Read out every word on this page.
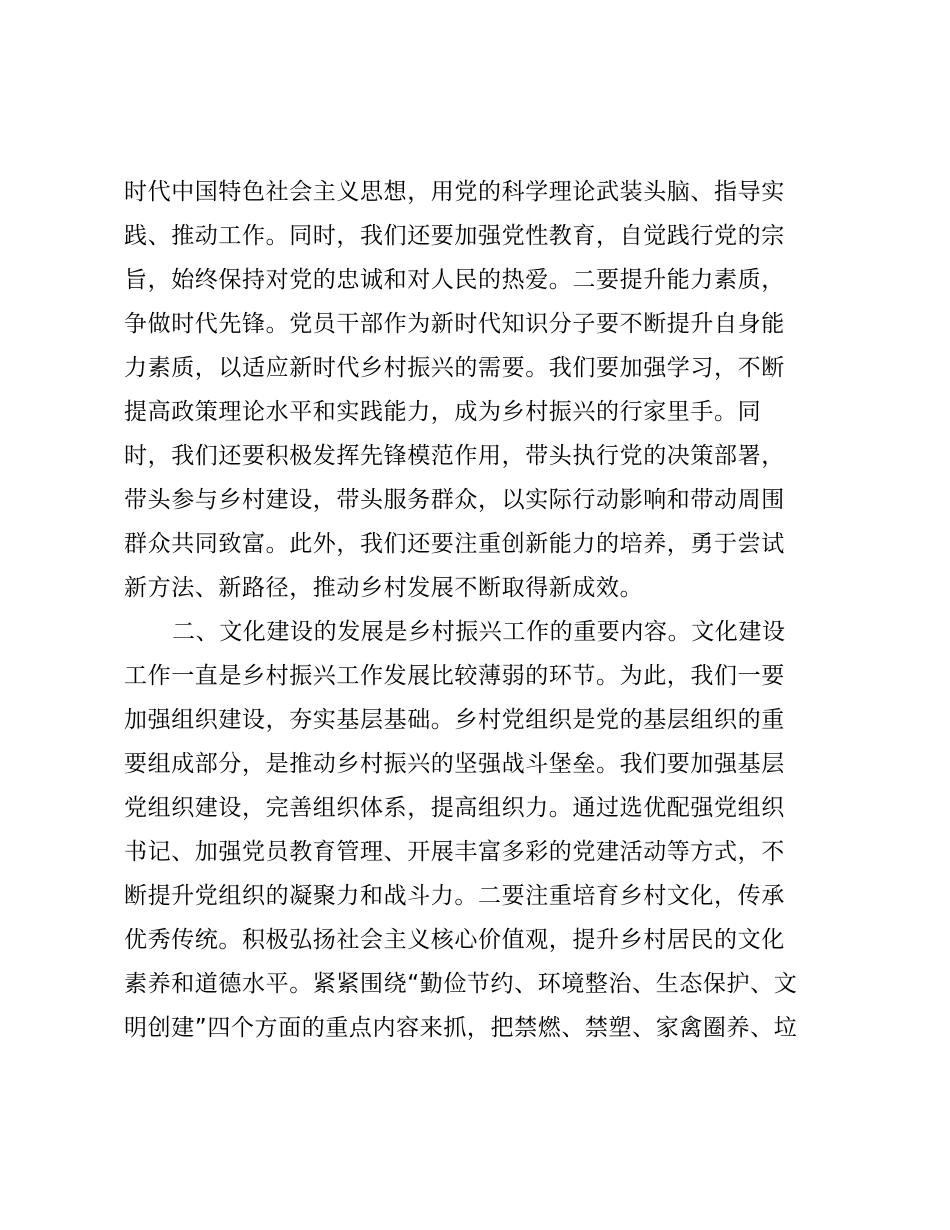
时代中国特色社会主义思想，用党的科学理论武装头脑、指导实
践、推动工作。同时，我们还要加强党性教育，自觉践行党的宗
旨，始终保持对党的忠诚和对人民的热爱。二要提升能力素质，
争做时代先锋。党员干部作为新时代知识分子要不断提升自身能
力素质，以适应新时代乡村振兴的需要。我们要加强学习，不断
提高政策理论水平和实践能力，成为乡村振兴的行家里手。同
时，我们还要积极发挥先锋模范作用，带头执行党的决策部署，
带头参与乡村建设，带头服务群众，以实际行动影响和带动周围
群众共同致富。此外，我们还要注重创新能力的培养，勇于尝试
新方法、新路径，推动乡村发展不断取得新成效。
二、文化建设的发展是乡村振兴工作的重要内容。文化建设
工作一直是乡村振兴工作发展比较薄弱的环节。为此，我们一要
加强组织建设，夯实基层基础。乡村党组织是党的基层组织的重
要组成部分，是推动乡村振兴的坚强战斗堡垒。我们要加强基层
党组织建设，完善组织体系，提高组织力。通过选优配强党组织
书记、加强党员教育管理、开展丰富多彩的党建活动等方式，不
断提升党组织的凝聚力和战斗力。二要注重培育乡村文化，传承
优秀传统。积极弘扬社会主义核心价值观，提升乡村居民的文化
素养和道德水平。紧紧围绕“勤俭节约、环境整治、生态保护、文
明创建”四个方面的重点内容来抓，把禁燃、禁塑、家禽圈养、垃
